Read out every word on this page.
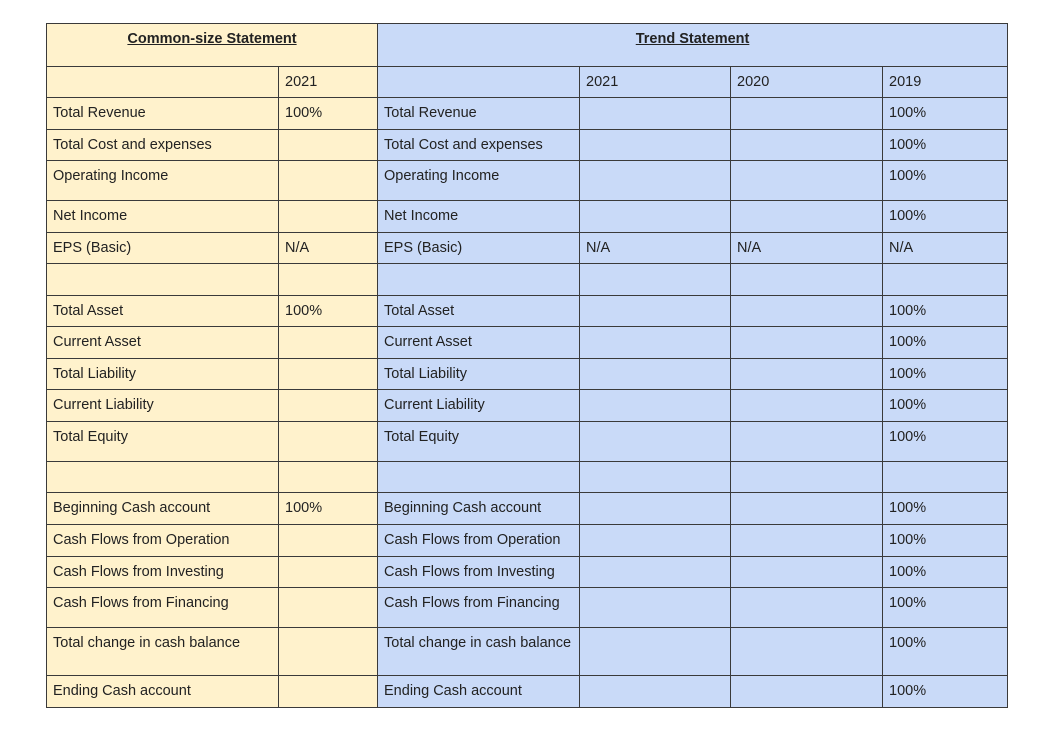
Common-size Statement		Trend Statement			
	2021		2021	2020	2019
Total Revenue	100%	Total Revenue			100%
Total Cost and expenses		Total Cost and expenses			100%
Operating Income		Operating Income			100%
Net Income		Net Income			100%
EPS (Basic)	N/A	EPS (Basic)	N/A	N/A	N/A

Total Asset	100%	Total Asset			100%
Current Asset		Current Asset			100%
Total Liability		Total Liability			100%
Current Liability		Current Liability			100%
Total Equity		Total Equity			100%

Beginning Cash account	100%	Beginning Cash account			100%
Cash Flows from Operation		Cash Flows from Operation			100%
Cash Flows from Investing		Cash Flows from Investing			100%
Cash Flows from Financing		Cash Flows from Financing			100%
Total change in cash balance		Total change in cash balance			100%
Ending Cash account		Ending Cash account			100%
